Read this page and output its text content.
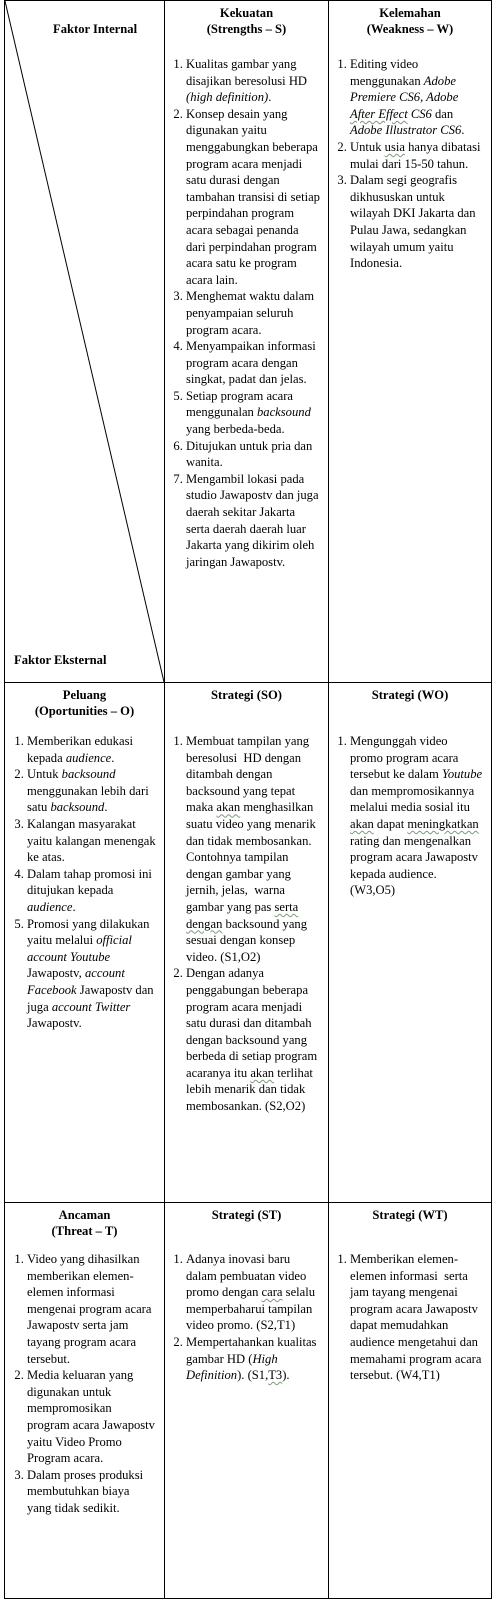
Faktor Internal
Faktor Eksternal
Kekuatan
(Strengths – S)
1. Kualitas gambar yang disajikan beresolusi HD (high definition).
2. Konsep desain yang digunakan yaitu menggabungkan beberapa program acara menjadi satu durasi dengan tambahan transisi di setiap perpindahan program acara sebagai penanda dari perpindahan program acara satu ke program acara lain.
3. Menghemat waktu dalam penyampaian seluruh program acara.
4. Menyampaikan informasi program acara dengan singkat, padat dan jelas.
5. Setiap program acara menggunalan backsound yang berbeda-beda.
6. Ditujukan untuk pria dan wanita.
7. Mengambil lokasi pada studio Jawapostv dan juga daerah sekitar Jakarta serta daerah daerah luar Jakarta yang dikirim oleh jaringan Jawapostv.
Kelemahan
(Weakness – W)
1. Editing video menggunakan Adobe Premiere CS6, Adobe After Effect CS6 dan Adobe Illustrator CS6.
2. Untuk usia hanya dibatasi mulai dari 15-50 tahun.
3. Dalam segi geografis dikhususkan untuk wilayah DKI Jakarta dan Pulau Jawa, sedangkan wilayah umum yaitu Indonesia.
Peluang
(Oportunities – O)
1. Memberikan edukasi kepada audience.
2. Untuk backsound menggunakan lebih dari satu backsound.
3. Kalangan masyarakat yaitu kalangan menengak ke atas.
4. Dalam tahap promosi ini ditujukan kepada audience.
5. Promosi yang dilakukan yaitu melalui official account Youtube Jawapostv, account Facebook Jawapostv dan juga account Twitter Jawapostv.
Strategi (SO)
1. Membuat tampilan yang beresolusi  HD dengan ditambah dengan backsound yang tepat maka akan menghasilkan suatu video yang menarik dan tidak membosankan. Contohnya tampilan dengan gambar yang jernih, jelas,  warna gambar yang pas serta dengan backsound yang sesuai dengan konsep video. (S1,O2)
2. Dengan adanya penggabungan beberapa program acara menjadi satu durasi dan ditambah dengan backsound yang berbeda di setiap program acaranya itu akan terlihat lebih menarik dan tidak membosankan. (S2,O2)
Strategi (WO)
1. Mengunggah video promo program acara tersebut ke dalam Youtube dan mempromosikannya melalui media sosial itu akan dapat meningkatkan rating dan mengenalkan program acara Jawapostv kepada audience. (W3,O5)
Ancaman
(Threat – T)
1. Video yang dihasilkan memberikan elemen-elemen informasi mengenai program acara Jawapostv serta jam tayang program acara tersebut.
2. Media keluaran yang digunakan untuk mempromosikan program acara Jawapostv yaitu Video Promo Program acara.
3. Dalam proses produksi membutuhkan biaya yang tidak sedikit.
Strategi (ST)
1. Adanya inovasi baru dalam pembuatan video promo dengan cara selalu memperbaharui tampilan video promo. (S2,T1)
2. Mempertahankan kualitas gambar HD (High Definition). (S1,T3).
Strategi (WT)
1. Memberikan elemen-elemen informasi  serta jam tayang mengenai program acara Jawapostv dapat memudahkan audience mengetahui dan memahami program acara tersebut. (W4,T1)
